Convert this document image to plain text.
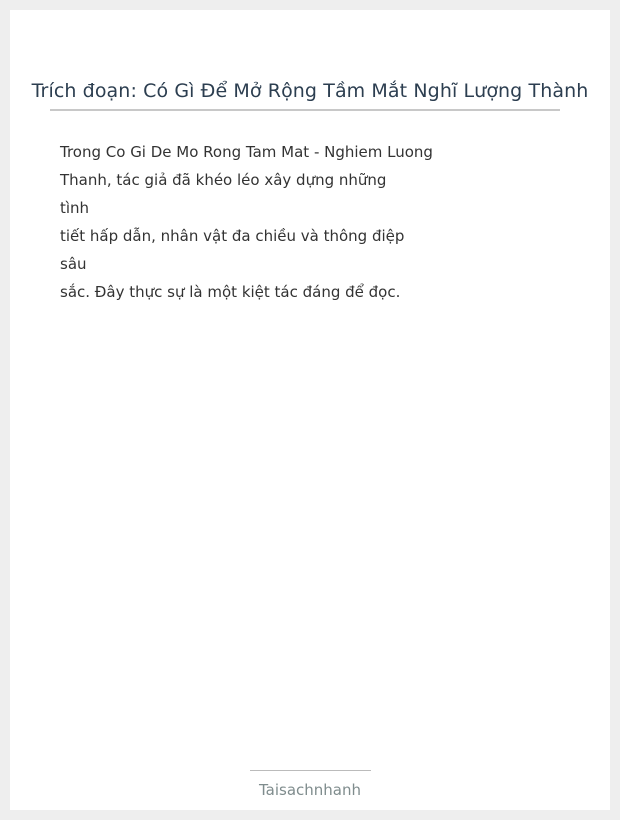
Trích đoạn: Có Gì Để Mở Rộng Tầm Mắt Nghĩ Lượng Thành
Trong Co Gi De Mo Rong Tam Mat - Nghiem Luong
Thanh, tác giả đã khéo léo xây dựng những
tình
tiết hấp dẫn, nhân vật đa chiều và thông điệp
sâu
sắc. Đây thực sự là một kiệt tác đáng để đọc.
Taisachnhanh
